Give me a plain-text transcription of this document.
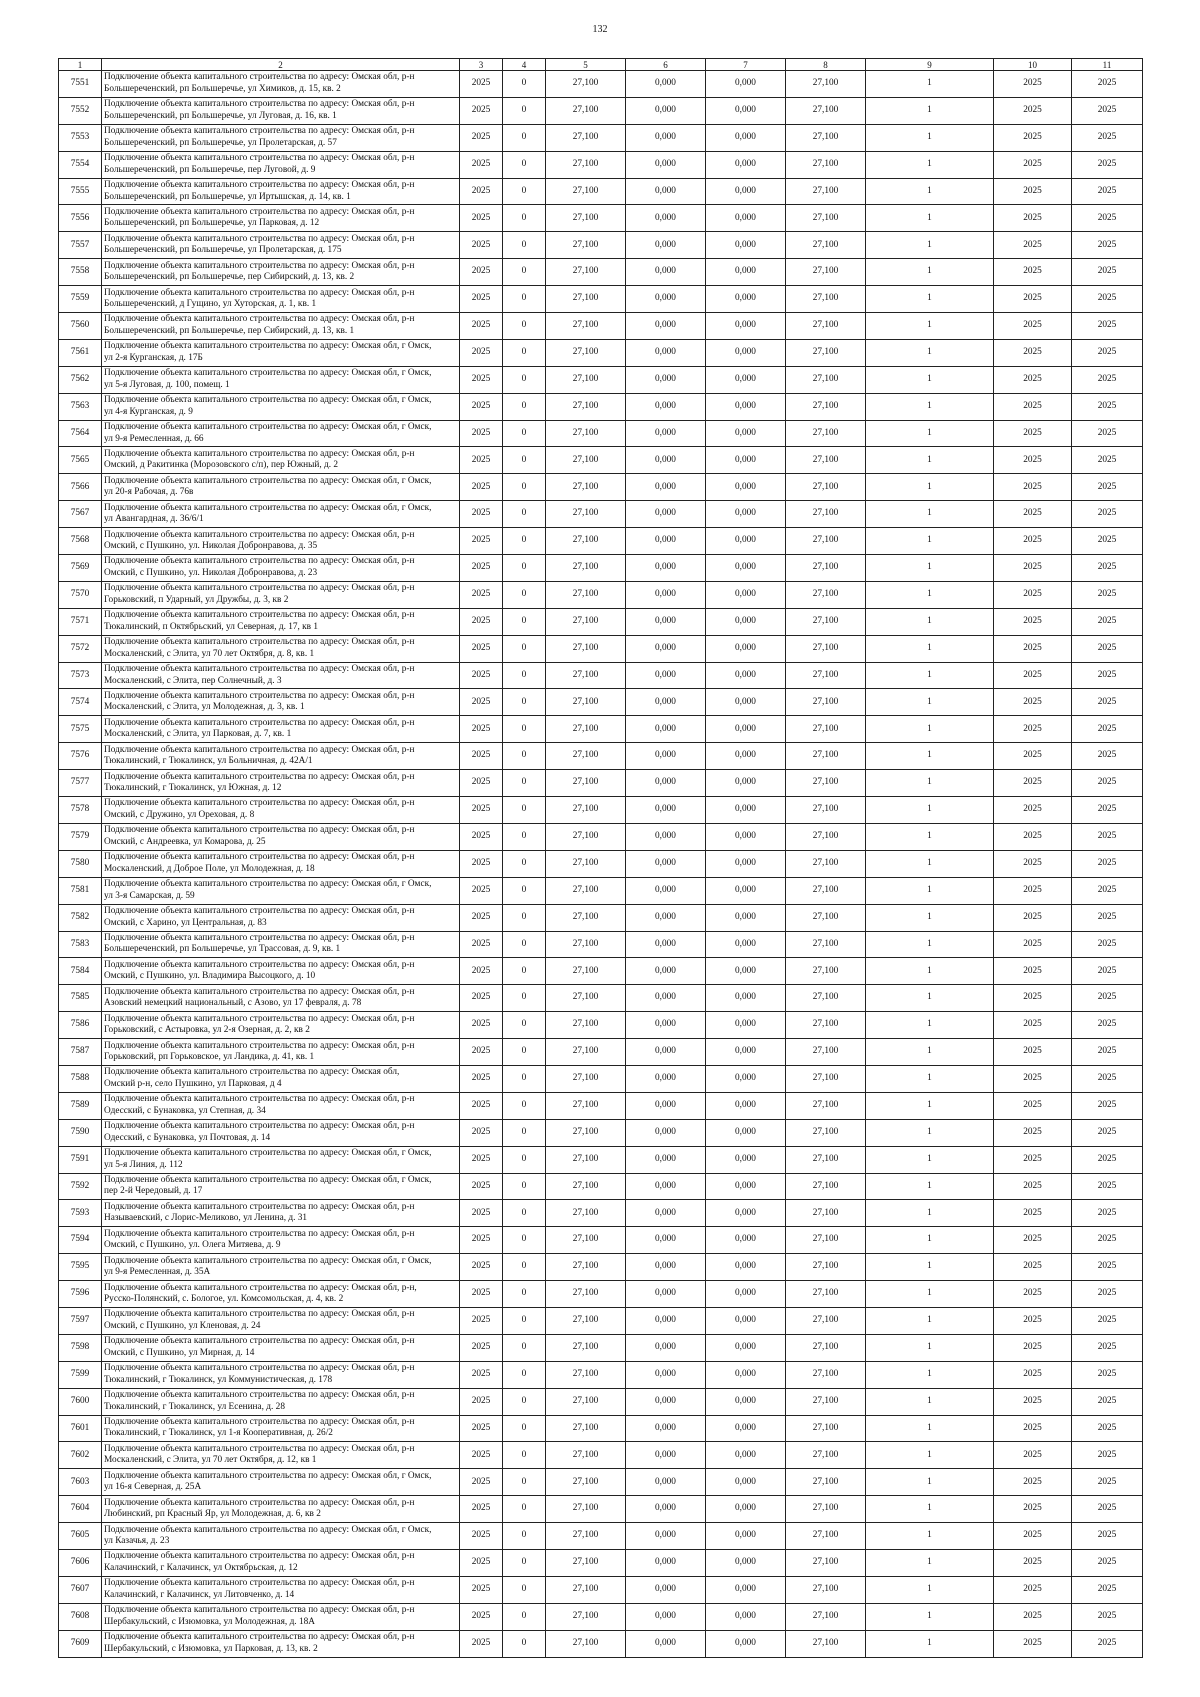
132
1	2	3	4	5	6	7	8	9	10	11
7551	Подключение объекта капитального строительства по адресу: Омская обл, р-н
Большереченский, рп Большеречье, ул Химиков, д. 15, кв. 2	2025	0	27,100	0,000	0,000	27,100	1	2025	2025
7552	Подключение объекта капитального строительства по адресу: Омская обл, р-н
Большереченский, рп Большеречье, ул Луговая, д. 16, кв. 1	2025	0	27,100	0,000	0,000	27,100	1	2025	2025
7553	Подключение объекта капитального строительства по адресу: Омская обл, р-н
Большереченский, рп Большеречье, ул Пролетарская, д. 57	2025	0	27,100	0,000	0,000	27,100	1	2025	2025
7554	Подключение объекта капитального строительства по адресу: Омская обл, р-н
Большереченский, рп Большеречье, пер Луговой, д. 9	2025	0	27,100	0,000	0,000	27,100	1	2025	2025
7555	Подключение объекта капитального строительства по адресу: Омская обл, р-н
Большереченский, рп Большеречье, ул Иртышская, д. 14, кв. 1	2025	0	27,100	0,000	0,000	27,100	1	2025	2025
7556	Подключение объекта капитального строительства по адресу: Омская обл, р-н
Большереченский, рп Большеречье, ул Парковая, д. 12	2025	0	27,100	0,000	0,000	27,100	1	2025	2025
7557	Подключение объекта капитального строительства по адресу: Омская обл, р-н
Большереченский, рп Большеречье, ул Пролетарская, д. 175	2025	0	27,100	0,000	0,000	27,100	1	2025	2025
7558	Подключение объекта капитального строительства по адресу: Омская обл, р-н
Большереченский, рп Большеречье, пер Сибирский, д. 13, кв. 2	2025	0	27,100	0,000	0,000	27,100	1	2025	2025
7559	Подключение объекта капитального строительства по адресу: Омская обл, р-н
Большереченский, д Гущино, ул Хуторская, д. 1, кв. 1	2025	0	27,100	0,000	0,000	27,100	1	2025	2025
7560	Подключение объекта капитального строительства по адресу: Омская обл, р-н
Большереченский, рп Большеречье, пер Сибирский, д. 13, кв. 1	2025	0	27,100	0,000	0,000	27,100	1	2025	2025
7561	Подключение объекта капитального строительства по адресу: Омская обл, г Омск,
ул 2-я Курганская, д. 17Б	2025	0	27,100	0,000	0,000	27,100	1	2025	2025
7562	Подключение объекта капитального строительства по адресу: Омская обл, г Омск,
ул 5-я Луговая, д. 100, помещ. 1	2025	0	27,100	0,000	0,000	27,100	1	2025	2025
7563	Подключение объекта капитального строительства по адресу: Омская обл, г Омск,
ул 4-я Курганская, д. 9	2025	0	27,100	0,000	0,000	27,100	1	2025	2025
7564	Подключение объекта капитального строительства по адресу: Омская обл, г Омск,
ул 9-я Ремесленная, д. 66	2025	0	27,100	0,000	0,000	27,100	1	2025	2025
7565	Подключение объекта капитального строительства по адресу: Омская обл, р-н
Омский, д Ракитинка (Морозовского с/п), пер Южный, д. 2	2025	0	27,100	0,000	0,000	27,100	1	2025	2025
7566	Подключение объекта капитального строительства по адресу: Омская обл, г Омск,
ул 20-я Рабочая, д. 76в	2025	0	27,100	0,000	0,000	27,100	1	2025	2025
7567	Подключение объекта капитального строительства по адресу: Омская обл, г Омск,
ул Авангардная, д. 36/6/1	2025	0	27,100	0,000	0,000	27,100	1	2025	2025
7568	Подключение объекта капитального строительства по адресу: Омская обл, р-н
Омский, с Пушкино, ул. Николая Добронравова, д. 35	2025	0	27,100	0,000	0,000	27,100	1	2025	2025
7569	Подключение объекта капитального строительства по адресу: Омская обл, р-н
Омский, с Пушкино, ул. Николая Добронравова, д. 23	2025	0	27,100	0,000	0,000	27,100	1	2025	2025
7570	Подключение объекта капитального строительства по адресу: Омская обл, р-н
Горьковский, п Ударный, ул Дружбы, д. 3, кв 2	2025	0	27,100	0,000	0,000	27,100	1	2025	2025
7571	Подключение объекта капитального строительства по адресу: Омская обл, р-н
Тюкалинский, п Октябрьский, ул Северная, д. 17, кв 1	2025	0	27,100	0,000	0,000	27,100	1	2025	2025
7572	Подключение объекта капитального строительства по адресу: Омская обл, р-н
Москаленский, с Элита, ул 70 лет Октября, д. 8, кв. 1	2025	0	27,100	0,000	0,000	27,100	1	2025	2025
7573	Подключение объекта капитального строительства по адресу: Омская обл, р-н
Москаленский, с Элита, пер Солнечный, д. 3	2025	0	27,100	0,000	0,000	27,100	1	2025	2025
7574	Подключение объекта капитального строительства по адресу: Омская обл, р-н
Москаленский, с Элита, ул Молодежная, д. 3, кв. 1	2025	0	27,100	0,000	0,000	27,100	1	2025	2025
7575	Подключение объекта капитального строительства по адресу: Омская обл, р-н
Москаленский, с Элита, ул Парковая, д. 7, кв. 1	2025	0	27,100	0,000	0,000	27,100	1	2025	2025
7576	Подключение объекта капитального строительства по адресу: Омская обл, р-н
Тюкалинский, г Тюкалинск, ул Больничная, д. 42А/1	2025	0	27,100	0,000	0,000	27,100	1	2025	2025
7577	Подключение объекта капитального строительства по адресу: Омская обл, р-н
Тюкалинский, г Тюкалинск, ул Южная, д. 12	2025	0	27,100	0,000	0,000	27,100	1	2025	2025
7578	Подключение объекта капитального строительства по адресу: Омская обл, р-н
Омский, с Дружино, ул Ореховая, д. 8	2025	0	27,100	0,000	0,000	27,100	1	2025	2025
7579	Подключение объекта капитального строительства по адресу: Омская обл, р-н
Омский, с Андреевка, ул Комарова, д. 25	2025	0	27,100	0,000	0,000	27,100	1	2025	2025
7580	Подключение объекта капитального строительства по адресу: Омская обл, р-н
Москаленский, д Доброе Поле, ул Молодежная, д. 18	2025	0	27,100	0,000	0,000	27,100	1	2025	2025
7581	Подключение объекта капитального строительства по адресу: Омская обл, г Омск,
ул 3-я Самарская, д. 59	2025	0	27,100	0,000	0,000	27,100	1	2025	2025
7582	Подключение объекта капитального строительства по адресу: Омская обл, р-н
Омский, с Харино, ул Центральная, д. 83	2025	0	27,100	0,000	0,000	27,100	1	2025	2025
7583	Подключение объекта капитального строительства по адресу: Омская обл, р-н
Большереченский, рп Большеречье, ул Трассовая, д. 9, кв. 1	2025	0	27,100	0,000	0,000	27,100	1	2025	2025
7584	Подключение объекта капитального строительства по адресу: Омская обл, р-н
Омский, с Пушкино, ул. Владимира Высоцкого, д. 10	2025	0	27,100	0,000	0,000	27,100	1	2025	2025
7585	Подключение объекта капитального строительства по адресу: Омская обл, р-н
Азовский немецкий национальный, с Азово, ул 17 февраля, д. 78	2025	0	27,100	0,000	0,000	27,100	1	2025	2025
7586	Подключение объекта капитального строительства по адресу: Омская обл, р-н
Горьковский, с Астыровка, ул 2-я Озерная, д. 2, кв 2	2025	0	27,100	0,000	0,000	27,100	1	2025	2025
7587	Подключение объекта капитального строительства по адресу: Омская обл, р-н
Горьковский, рп Горьковское, ул Ландика, д. 41, кв. 1	2025	0	27,100	0,000	0,000	27,100	1	2025	2025
7588	Подключение объекта капитального строительства по адресу: Омская обл,
Омский р-н, село Пушкино, ул Парковая, д 4	2025	0	27,100	0,000	0,000	27,100	1	2025	2025
7589	Подключение объекта капитального строительства по адресу: Омская обл, р-н
Одесский, с Бунаковка, ул Степная, д. 34	2025	0	27,100	0,000	0,000	27,100	1	2025	2025
7590	Подключение объекта капитального строительства по адресу: Омская обл, р-н
Одесский, с Бунаковка, ул Почтовая, д. 14	2025	0	27,100	0,000	0,000	27,100	1	2025	2025
7591	Подключение объекта капитального строительства по адресу: Омская обл, г Омск,
ул 5-я Линия, д. 112	2025	0	27,100	0,000	0,000	27,100	1	2025	2025
7592	Подключение объекта капитального строительства по адресу: Омская обл, г Омск,
пер 2-й Чередовый, д. 17	2025	0	27,100	0,000	0,000	27,100	1	2025	2025
7593	Подключение объекта капитального строительства по адресу: Омская обл, р-н
Называевский, с Лорис-Меликово, ул Ленина, д. 31	2025	0	27,100	0,000	0,000	27,100	1	2025	2025
7594	Подключение объекта капитального строительства по адресу: Омская обл, р-н
Омский, с Пушкино, ул. Олега Митяева, д. 9	2025	0	27,100	0,000	0,000	27,100	1	2025	2025
7595	Подключение объекта капитального строительства по адресу: Омская обл, г Омск,
ул 9-я Ремесленная, д. 35А	2025	0	27,100	0,000	0,000	27,100	1	2025	2025
7596	Подключение объекта капитального строительства по адресу: Омская обл, р-н,
Русско-Полянский, с. Бологое, ул. Комсомольская, д. 4, кв. 2	2025	0	27,100	0,000	0,000	27,100	1	2025	2025
7597	Подключение объекта капитального строительства по адресу: Омская обл, р-н
Омский, с Пушкино, ул Кленовая, д. 24	2025	0	27,100	0,000	0,000	27,100	1	2025	2025
7598	Подключение объекта капитального строительства по адресу: Омская обл, р-н
Омский, с Пушкино, ул Мирная, д. 14	2025	0	27,100	0,000	0,000	27,100	1	2025	2025
7599	Подключение объекта капитального строительства по адресу: Омская обл, р-н
Тюкалинский, г Тюкалинск, ул Коммунистическая, д. 178	2025	0	27,100	0,000	0,000	27,100	1	2025	2025
7600	Подключение объекта капитального строительства по адресу: Омская обл, р-н
Тюкалинский, г Тюкалинск, ул Есенина, д. 28	2025	0	27,100	0,000	0,000	27,100	1	2025	2025
7601	Подключение объекта капитального строительства по адресу: Омская обл, р-н
Тюкалинский, г Тюкалинск, ул 1-я Кооперативная, д. 26/2	2025	0	27,100	0,000	0,000	27,100	1	2025	2025
7602	Подключение объекта капитального строительства по адресу: Омская обл, р-н
Москаленский, с Элита, ул 70 лет Октября, д. 12, кв 1	2025	0	27,100	0,000	0,000	27,100	1	2025	2025
7603	Подключение объекта капитального строительства по адресу: Омская обл, г Омск,
ул 16-я Северная, д. 25А	2025	0	27,100	0,000	0,000	27,100	1	2025	2025
7604	Подключение объекта капитального строительства по адресу: Омская обл, р-н
Любинский, рп Красный Яр, ул Молодежная, д. 6, кв 2	2025	0	27,100	0,000	0,000	27,100	1	2025	2025
7605	Подключение объекта капитального строительства по адресу: Омская обл, г Омск,
ул Казачья, д. 23	2025	0	27,100	0,000	0,000	27,100	1	2025	2025
7606	Подключение объекта капитального строительства по адресу: Омская обл, р-н
Калачинский, г Калачинск, ул Октябрьская, д. 12	2025	0	27,100	0,000	0,000	27,100	1	2025	2025
7607	Подключение объекта капитального строительства по адресу: Омская обл, р-н
Калачинский, г Калачинск, ул Литовченко, д. 14	2025	0	27,100	0,000	0,000	27,100	1	2025	2025
7608	Подключение объекта капитального строительства по адресу: Омская обл, р-н
Шербакульский, с Изюмовка, ул Молодежная, д. 18А	2025	0	27,100	0,000	0,000	27,100	1	2025	2025
7609	Подключение объекта капитального строительства по адресу: Омская обл, р-н
Шербакульский, с Изюмовка, ул Парковая, д. 13, кв. 2	2025	0	27,100	0,000	0,000	27,100	1	2025	2025
